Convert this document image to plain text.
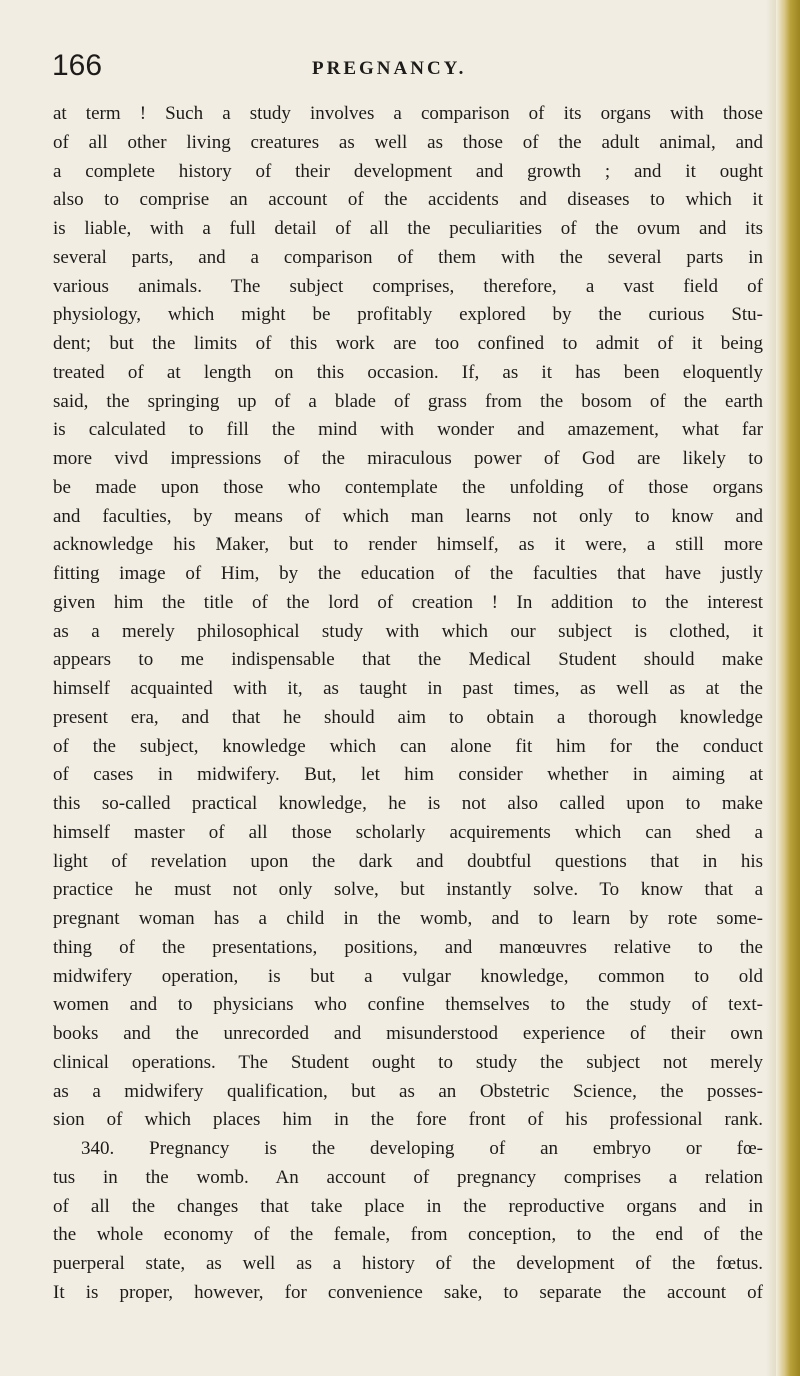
166	PREGNANCY.
at term ! Such a study involves a comparison of its organs with those
of all other living creatures as well as those of the adult animal, and
a complete history of their development and growth ; and it ought
also to comprise an account of the accidents and diseases to which it
is liable, with a full detail of all the peculiarities of the ovum and its
several parts, and a comparison of them with the several parts in
various animals. The subject comprises, therefore, a vast field of
physiology, which might be profitably explored by the curious Stu-
dent; but the limits of this work are too confined to admit of it being
treated of at length on this occasion. If, as it has been eloquently
said, the springing up of a blade of grass from the bosom of the earth
is calculated to fill the mind with wonder and amazement, what far
more vivd impressions of the miraculous power of God are likely to
be made upon those who contemplate the unfolding of those organs
and faculties, by means of which man learns not only to know and
acknowledge his Maker, but to render himself, as it were, a still more
fitting image of Him, by the education of the faculties that have justly
given him the title of the lord of creation ! In addition to the interest
as a merely philosophical study with which our subject is clothed, it
appears to me indispensable that the Medical Student should make
himself acquainted with it, as taught in past times, as well as at the
present era, and that he should aim to obtain a thorough knowledge
of the subject, knowledge which can alone fit him for the conduct
of cases in midwifery. But, let him consider whether in aiming at
this so-called practical knowledge, he is not also called upon to make
himself master of all those scholarly acquirements which can shed a
light of revelation upon the dark and doubtful questions that in his
practice he must not only solve, but instantly solve. To know that a
pregnant woman has a child in the womb, and to learn by rote some-
thing of the presentations, positions, and manœuvres relative to the
midwifery operation, is but a vulgar knowledge, common to old
women and to physicians who confine themselves to the study of text-
books and the unrecorded and misunderstood experience of their own
clinical operations. The Student ought to study the subject not merely
as a midwifery qualification, but as an Obstetric Science, the posses-
sion of which places him in the fore front of his professional rank.
340. Pregnancy is the developing of an embryo or fœ-
tus in the womb. An account of pregnancy comprises a relation
of all the changes that take place in the reproductive organs and in
the whole economy of the female, from conception, to the end of the
puerperal state, as well as a history of the development of the fœtus.
It is proper, however, for convenience sake, to separate the account of
